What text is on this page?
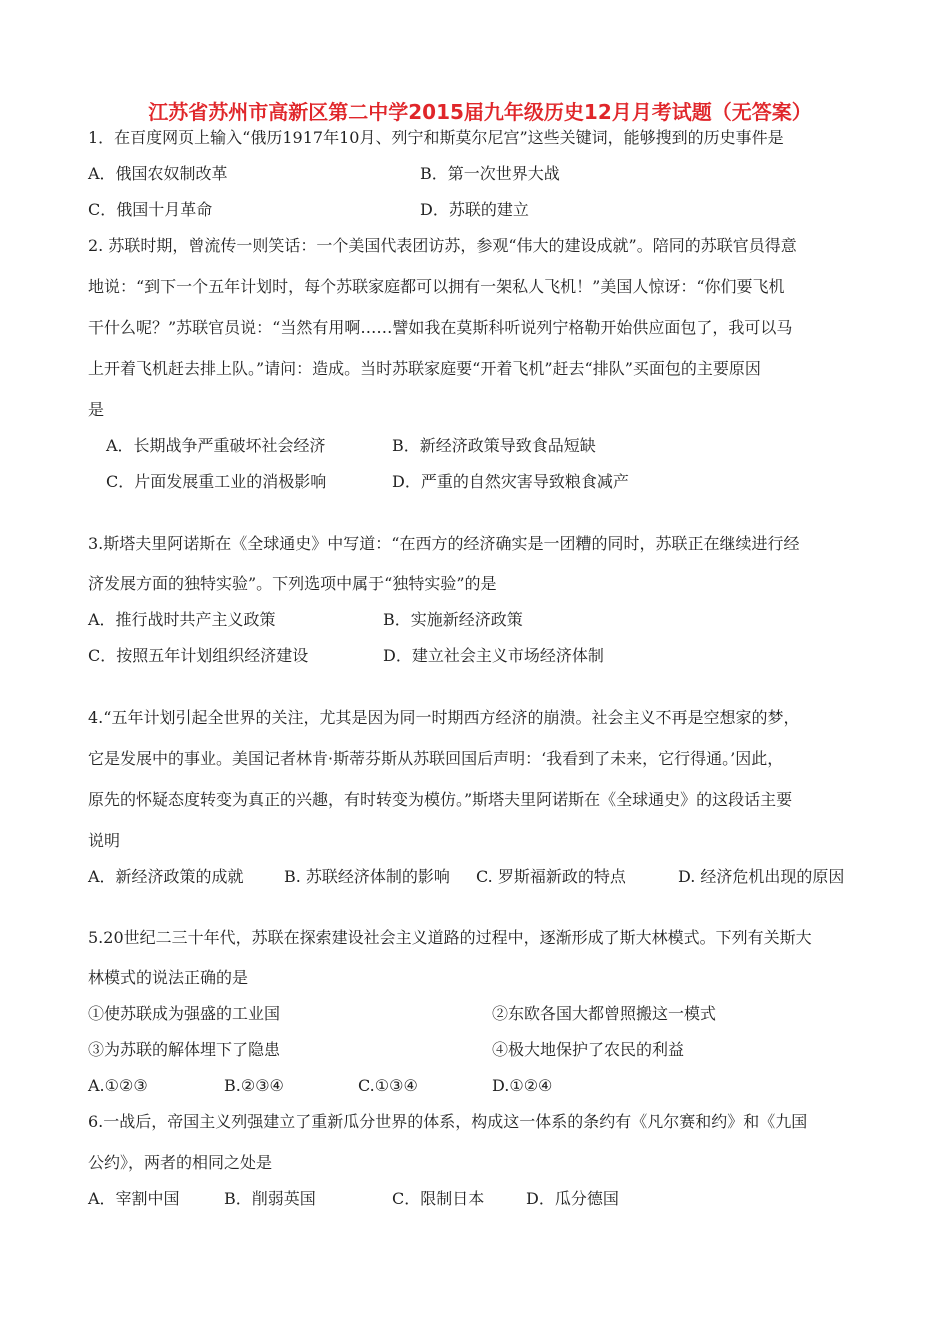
江苏省苏州市高新区第二中学2015届九年级历史12月月考试题（无答案）
1．在百度网页上输入“俄历1917年10月、列宁和斯莫尔尼宫”这些关键词，能够搜到的历史事件是
A．俄国农奴制改革	B．第一次世界大战
C．俄国十月革命	D．苏联的建立
2. 苏联时期，曾流传一则笑话：一个美国代表团访苏，参观“伟大的建设成就”。陪同的苏联官员得意
地说：“到下一个五年计划时，每个苏联家庭都可以拥有一架私人飞机！”美国人惊讶：“你们要飞机
干什么呢？”苏联官员说：“当然有用啊……譬如我在莫斯科听说列宁格勒开始供应面包了，我可以马
上开着飞机赶去排上队。”请问：造成。当时苏联家庭要“开着飞机”赶去“排队”买面包的主要原因
是
A．长期战争严重破坏社会经济	B．新经济政策导致食品短缺
C．片面发展重工业的消极影响	D．严重的自然灾害导致粮食减产
3.斯塔夫里阿诺斯在《全球通史》中写道：“在西方的经济确实是一团糟的同时，苏联正在继续进行经
济发展方面的独特实验”。下列选项中属于“独特实验”的是
A．推行战时共产主义政策	B．实施新经济政策
C．按照五年计划组织经济建设	D．建立社会主义市场经济体制
4.“五年计划引起全世界的关注，尤其是因为同一时期西方经济的崩溃。社会主义不再是空想家的梦，
它是发展中的事业。美国记者林肯·斯蒂芬斯从苏联回国后声明：‘我看到了未来，它行得通。’因此，
原先的怀疑态度转变为真正的兴趣，有时转变为模仿。”斯塔夫里阿诺斯在《全球通史》的这段话主要
说明
A．新经济政策的成就	B. 苏联经济体制的影响 C. 罗斯福新政的特点	D. 经济危机出现的原因
5.20世纪二三十年代，苏联在探索建设社会主义道路的过程中，逐渐形成了斯大林模式。下列有关斯大
林模式的说法正确的是
①使苏联成为强盛的工业国	②东欧各国大都曾照搬这一模式
③为苏联的解体埋下了隐患	④极大地保护了农民的利益
A.①②③	B.②③④	C.①③④	D.①②④
6.一战后，帝国主义列强建立了重新瓜分世界的体系，构成这一体系的条约有《凡尔赛和约》和《九国
公约》，两者的相同之处是
A．宰割中国	B．削弱英国	C．限制日本	D．瓜分德国
